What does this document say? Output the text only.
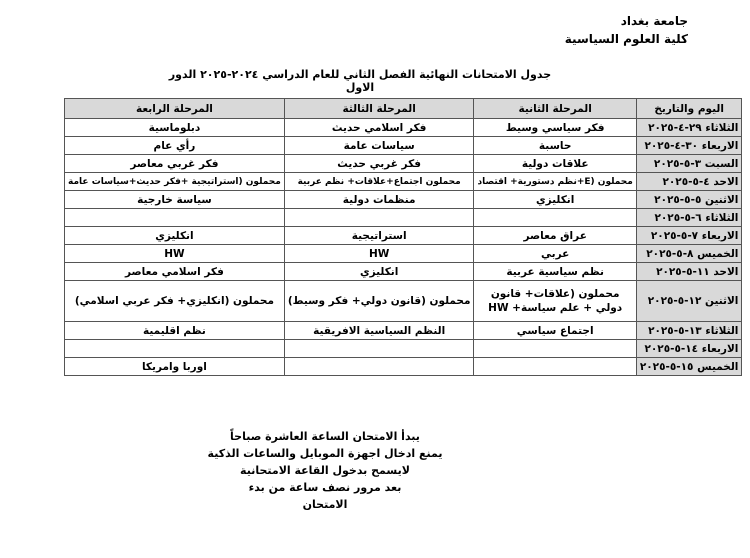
جامعة بغداد
كلية العلوم السياسية
جدول الامتحانات النهائية الفصل الثاني للعام الدراسي ٢٠٢٤-٢٠٢٥ الدور الاول
اليوم والتاريخ	المرحلة الثانية	المرحلة الثالثة	المرحلة الرابعة
الثلاثاء ٢٩-٤-٢٠٢٥	فكر سياسي وسيط	فكر اسلامي حديث	دبلوماسية
الاربعاء ٣٠-٤-٢٠٢٥	حاسبة	سياسات عامة	رأي عام
السبت ٣-٥-٢٠٢٥	علاقات دولية	فكر غربي حديث	فكر غربي معاصر
الاحد ٤-٥-٢٠٢٥	محملون (E+نظم دستورية+ اقتصاد	محملون اجتماع+علاقات+ نظم عربية	محملون (استراتيجية +فكر حديث+سياسات عامة
الاثنين ٥-٥-٢٠٢٥	انكليزي	منظمات دولية	سياسة خارجية
الثلاثاء ٦-٥-٢٠٢٥			
الاربعاء ٧-٥-٢٠٢٥	عراق معاصر	استراتيجية	انكليزي
الخميس ٨-٥-٢٠٢٥	عربي	HW	HW
الاحد ١١-٥-٢٠٢٥	نظم سياسية عربية	انكليزي	فكر اسلامي معاصر
الاثنين ١٢-٥-٢٠٢٥	محملون (علاقات+ قانون دولي + علم سياسة+ HW	محملون (قانون دولي+ فكر وسيط)	محملون (انكليزي+ فكر عربي اسلامي)
الثلاثاء ١٣-٥-٢٠٢٥	اجتماع سياسي	النظم السياسية الافريقية	نظم اقليمية
الاربعاء ١٤-٥-٢٠٢٥			
الخميس ١٥-٥-٢٠٢٥			اوربا وامريكا
يبدأ الامتحان الساعة العاشرة صباحاً
يمنع ادخال اجهزة الموبايل والساعات الذكية
لايسمح بدخول القاعة الامتحانية
بعد مرور نصف ساعة من بدء
الامتحان
